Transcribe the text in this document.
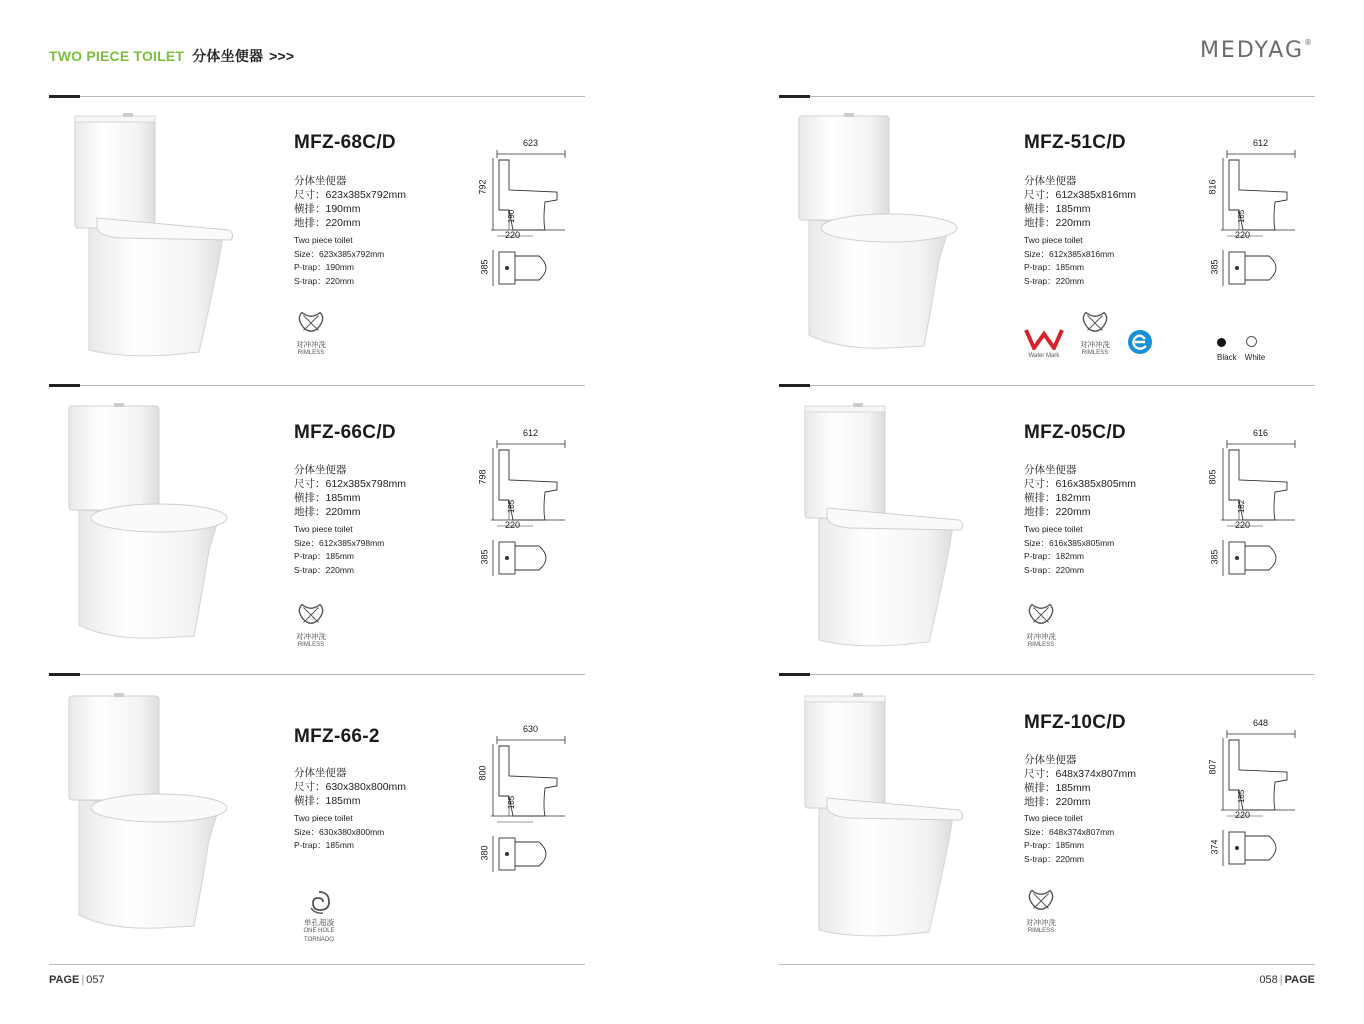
TWO PIECE TOILET 分体坐便器 >>>	MEDYAG®
MFZ-68C/D
分体坐便器
尺寸：623x385x792mm
横排：190mm
地排：220mm
Two piece toilet
Size：623x385x792mm
P-trap：190mm
S-trap：220mm
对冲冲洗
RIMLESS
623
792
190
220
385
MFZ-51C/D
分体坐便器
尺寸：612x385x816mm
横排：185mm
地排：220mm
Two piece toilet
Size：612x385x816mm
P-trap：185mm
S-trap：220mm
Water Mark
对冲冲洗
RIMLESS
612
816
185
220
385

Black White
MFZ-66C/D
分体坐便器
尺寸：612x385x798mm
横排：185mm
地排：220mm
Two piece toilet
Size：612x385x798mm
P-trap：185mm
S-trap：220mm
对冲冲洗
RIMLESS
612
798
185
220
385
MFZ-05C/D
分体坐便器
尺寸：616x385x805mm
横排：182mm
地排：220mm
Two piece toilet
Size：616x385x805mm
P-trap：182mm
S-trap：220mm
对冲冲洗
RIMLESS
616
805
182
220
385
MFZ-66-2
分体坐便器
尺寸：630x380x800mm
横排：185mm
Two piece toilet
Size：630x380x800mm
P-trap：185mm
单孔超漩
ONE HOLE TORNADO
630
800
185
380
MFZ-10C/D
分体坐便器
尺寸：648x374x807mm
横排：185mm
地排：220mm
Two piece toilet
Size：648x374x807mm
P-trap：185mm
S-trap：220mm
对冲冲洗
RIMLESS
648
807
185
220
374
PAGE | 057	058 | PAGE
